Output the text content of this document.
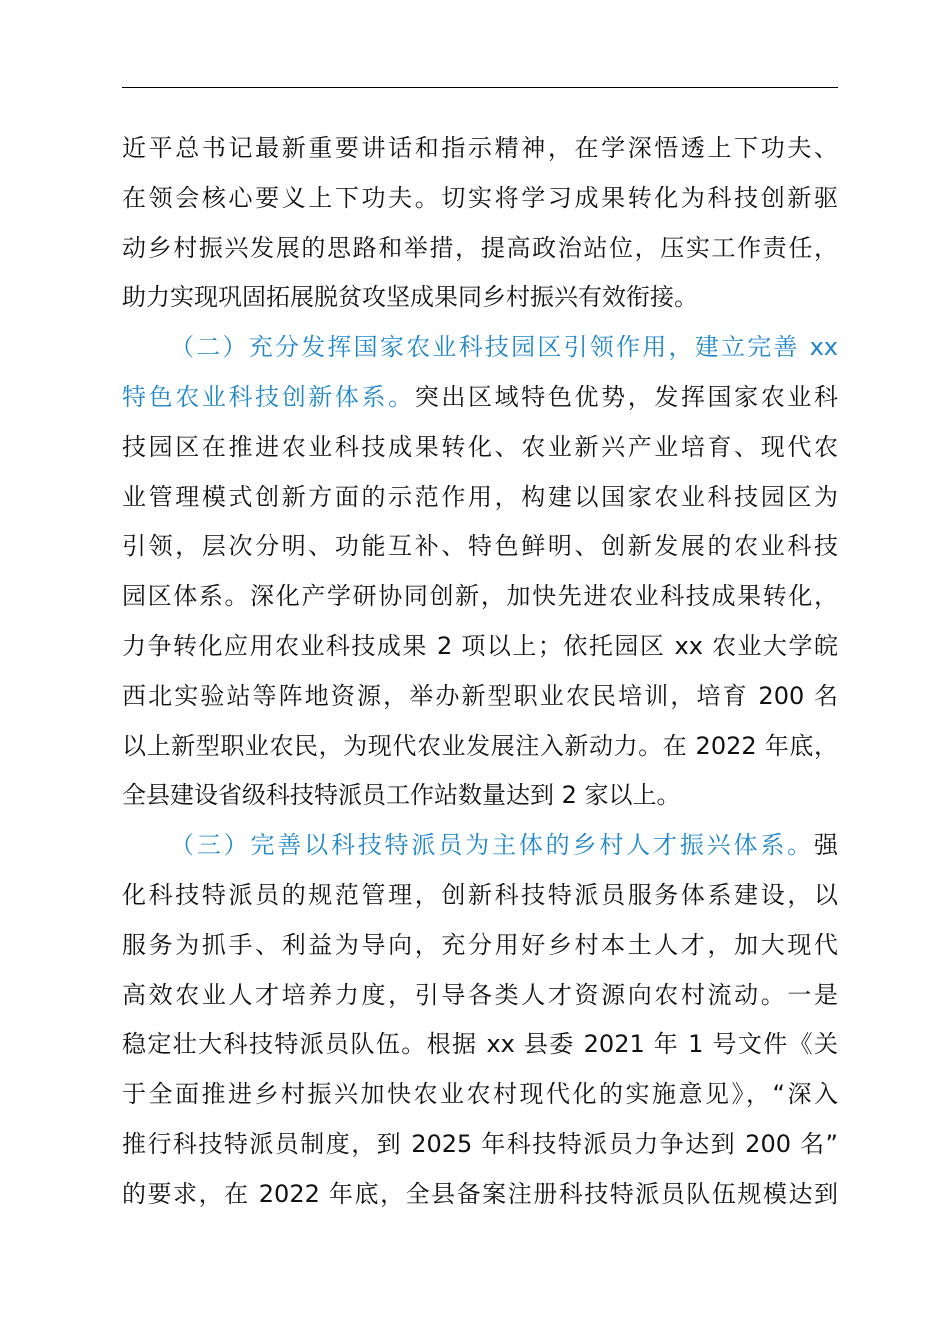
近平总书记最新重要讲话和指示精神，在学深悟透上下功夫、
在领会核心要义上下功夫。切实将学习成果转化为科技创新驱
动乡村振兴发展的思路和举措，提高政治站位，压实工作责任，
助力实现巩固拓展脱贫攻坚成果同乡村振兴有效衔接。
（二）充分发挥国家农业科技园区引领作用，建立完善 xx
特色农业科技创新体系。突出区域特色优势，发挥国家农业科
技园区在推进农业科技成果转化、农业新兴产业培育、现代农
业管理模式创新方面的示范作用，构建以国家农业科技园区为
引领，层次分明、功能互补、特色鲜明、创新发展的农业科技
园区体系。深化产学研协同创新，加快先进农业科技成果转化，
力争转化应用农业科技成果 2 项以上；依托园区 xx 农业大学皖
西北实验站等阵地资源，举办新型职业农民培训，培育 200 名
以上新型职业农民，为现代农业发展注入新动力。在 2022 年底，
全县建设省级科技特派员工作站数量达到 2 家以上。
（三）完善以科技特派员为主体的乡村人才振兴体系。强
化科技特派员的规范管理，创新科技特派员服务体系建设，以
服务为抓手、利益为导向，充分用好乡村本土人才，加大现代
高效农业人才培养力度，引导各类人才资源向农村流动。一是
稳定壮大科技特派员队伍。根据 xx 县委 2021 年 1 号文件《关
于全面推进乡村振兴加快农业农村现代化的实施意见》，“深入
推行科技特派员制度，到 2025 年科技特派员力争达到 200 名”
的要求，在 2022 年底，全县备案注册科技特派员队伍规模达到
